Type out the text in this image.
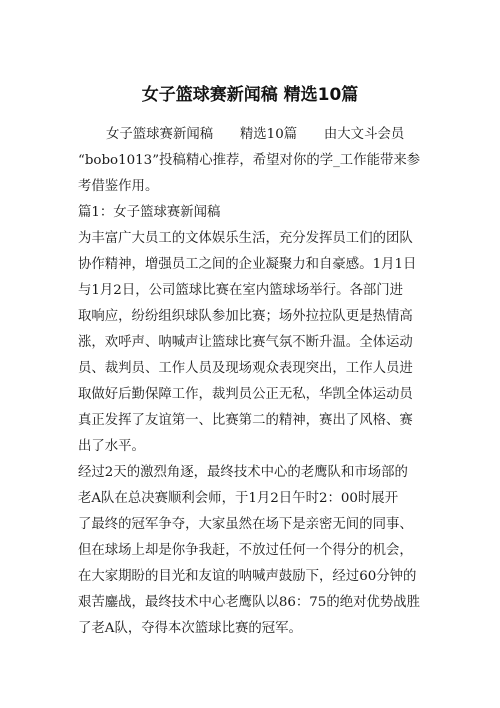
女子篮球赛新闻稿 精选10篇
女子篮球赛新闻稿　　精选10篇　　由大文斗会员
“bobo1013”投稿精心推荐，希望对你的学_工作能带来参
考借鉴作用。
篇1：女子篮球赛新闻稿
为丰富广大员工的文体娱乐生活，充分发挥员工们的团队
协作精神，增强员工之间的企业凝聚力和自豪感。1月1日
与1月2日，公司篮球比赛在室内篮球场举行。各部门进
取响应，纷纷组织球队参加比赛；场外拉拉队更是热情高
涨，欢呼声、呐喊声让篮球比赛气氛不断升温。全体运动
员、裁判员、工作人员及现场观众表现突出，工作人员进
取做好后勤保障工作，裁判员公正无私，华凯全体运动员
真正发挥了友谊第一、比赛第二的精神，赛出了风格、赛
出了水平。
经过2天的激烈角逐，最终技术中心的老鹰队和市场部的
老A队在总决赛顺利会师，于1月2日午时2：00时展开
了最终的冠军争夺，大家虽然在场下是亲密无间的同事、
但在球场上却是你争我赶，不放过任何一个得分的机会，
在大家期盼的目光和友谊的呐喊声鼓励下，经过60分钟的
艰苦鏖战，最终技术中心老鹰队以86：75的绝对优势战胜
了老A队，夺得本次篮球比赛的冠军。
